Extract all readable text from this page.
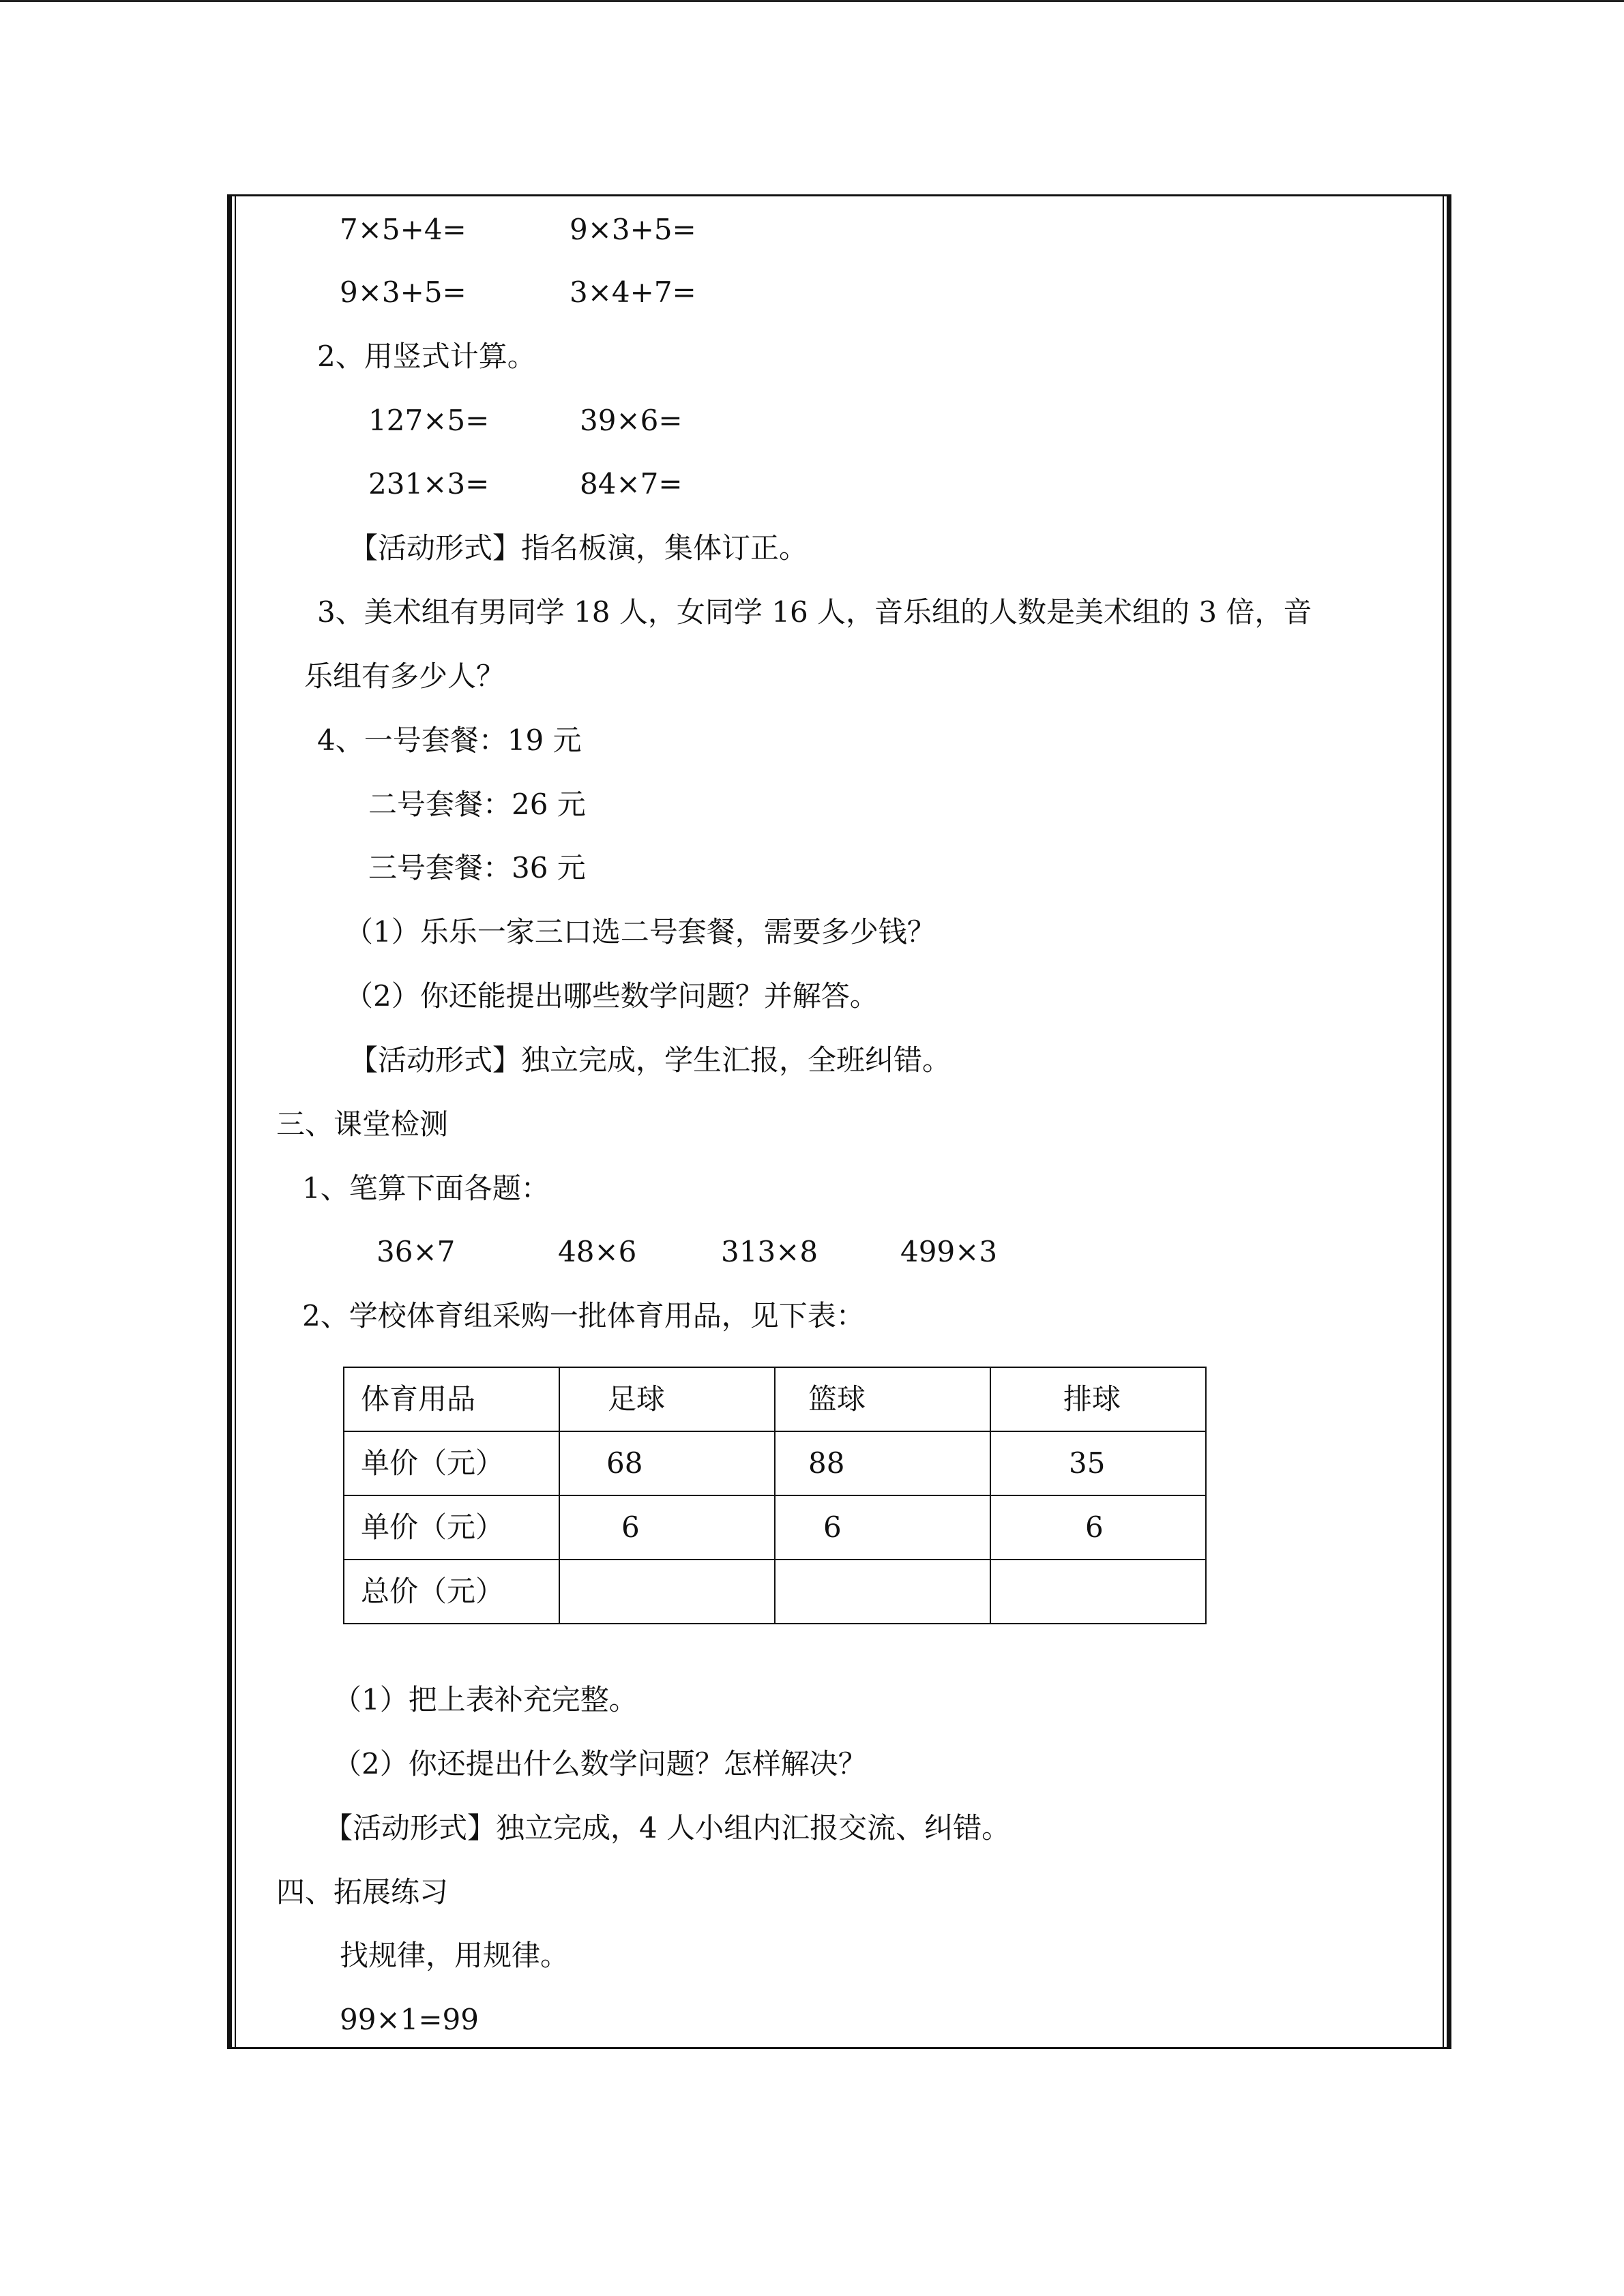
7×5+4=	9×3+5=
9×3+5=	3×4+7=
2、用竖式计算。
127×5=	39×6=
231×3=	84×7=
【活动形式】指名板演，集体订正。
3、美术组有男同学 18 人，女同学 16 人，音乐组的人数是美术组的 3 倍，音
乐组有多少人？
4、一号套餐：19 元
二号套餐：26 元
三号套餐：36 元
（1）乐乐一家三口选二号套餐，需要多少钱？
（2）你还能提出哪些数学问题？并解答。
【活动形式】独立完成，学生汇报，全班纠错。
三、课堂检测
1、笔算下面各题：
36×7	48×6	313×8	499×3
2、学校体育组采购一批体育用品，见下表：
体育用品	足球	篮球	排球

单价（元）	68	88	35

单价（元）	6	6	6

总价（元）			

（1）把上表补充完整。
（2）你还提出什么数学问题？怎样解决？
【活动形式】独立完成，4 人小组内汇报交流、纠错。
四、拓展练习
找规律，用规律。
99×1=99
